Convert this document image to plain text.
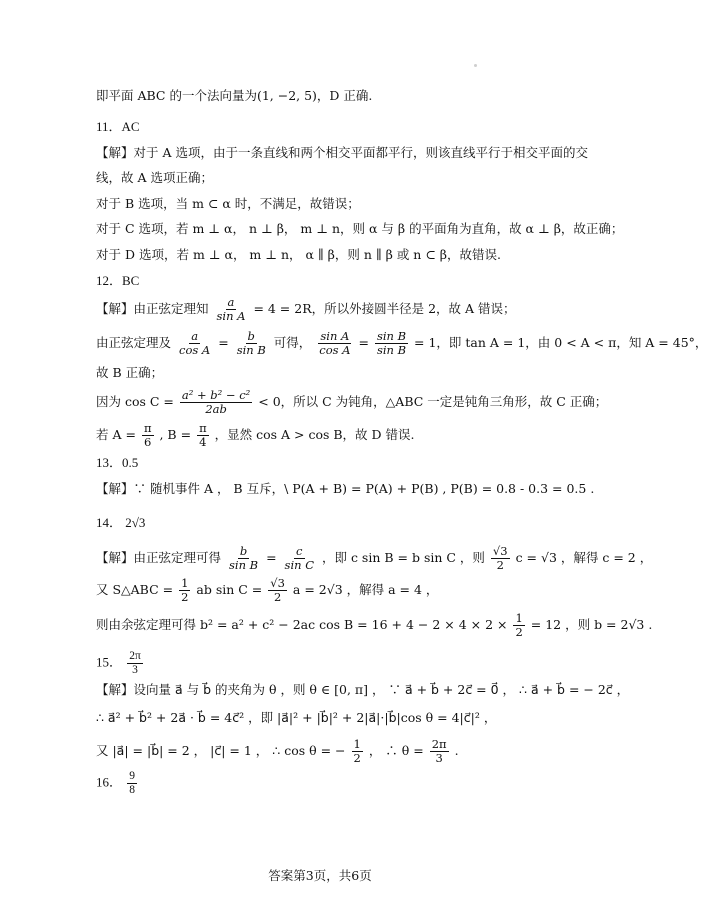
即平面 ABC 的一个法向量为(1, −2, 5)，D 正确.
11．AC
【解】对于 A 选项，由于一条直线和两个相交平面都平行，则该直线平行于相交平面的交
线，故 A 选项正确；
对于 B 选项，当 m ⊂ α 时，不满足，故错误；
对于 C 选项，若 m ⊥ α， n ⊥ β， m ⊥ n，则 α 与 β 的平面角为直角，故 α ⊥ β，故正确；
对于 D 选项，若 m ⊥ α， m ⊥ n， α ∥ β，则 n ∥ β 或 n ⊂ β，故错误.
12．BC
【解】由正弦定理知 $\frac{a}{\text{sin A}} = 4 = 2R$，所以外接圆半径是 2，故 A 错误；
由正弦定理及 $\frac{a}{\text{cos A}} = \frac{b}{\text{sin B}}$ 可得， $\frac{\text{sin A}}{\text{cos A}} = \frac{\text{sin B}}{\text{sin B}} = 1$，即 tan A = 1，由 0 < A < π，知 A = 45°，
故 B 正确；
因为 $\cos C = \frac{\text{a² + b² − c²}}{2ab} < 0$，所以 C 为钝角，△ABC 一定是钝角三角形，故 C 正确；
若 $A = \frac{\pi}{6}$ , $B = \frac{\pi}{4}$ ，显然 cos A > cos B，故 D 错误.
13．0.5
【解】∵ 随机事件 A ， B 互斥，\ P(A + B) = P(A) + P(B) , P(B) = 0.8 - 0.3 = 0.5 .
14． 2√3
【解】由正弦定理可得 $\frac{b}{\text{sin B}} = \frac{c}{\text{sin C}}$ ，即 c sin B = b sin C ，则 $\frac{√3}{2}$ c = √3 ，解得 c = 2 ，
又 S△ABC = $\frac{1}{2}$ ab $\sin C = \frac{√3}{2}$ a = 2√3 ，解得 a = 4 ，
则由余弦定理可得 b² = a² + c² − 2ac $\cos B = 16 + 4 - 2 \times 4 \times 2 \times \frac{1}{2} = 12$ ，则 b = 2√3 .
15． $\frac{2\pi}{3}$
【解】设向量 a⃗ 与 b⃗ 的夹角为 θ ，则 θ ∈ [0, π] ， ∵ a⃗ + b⃗ + 2c⃗ = 0⃗ ， ∴ a⃗ + b⃗ = − 2c⃗ ，
∴ a⃗² + b⃗² + 2a⃗ · b⃗ = 4c⃗² ，即 |a⃗|² + |b⃗|² + 2|a⃗|·|b⃗|cos θ = 4|c⃗|² ，
又 |a⃗| = |b⃗| = 2 ， |c⃗| = 1 ， ∴ cos θ = − $\frac{1}{2}$ ， ∴ $\theta = \frac{2\pi}{3}$ .
16． $\frac{9}{8}$
答案第3页，共6页
